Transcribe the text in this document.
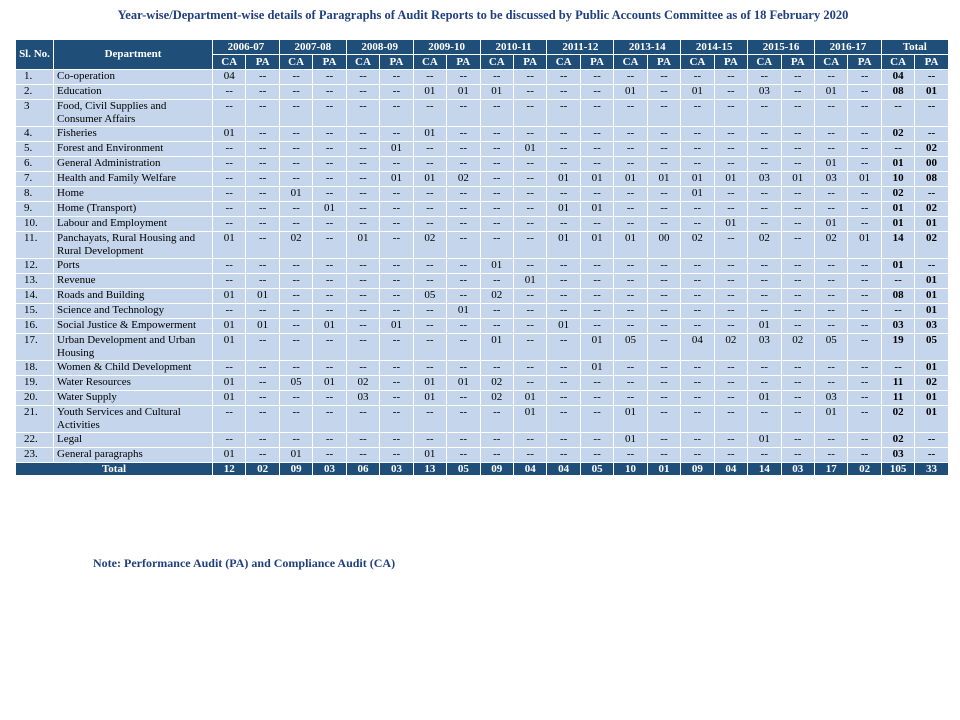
Year-wise/Department-wise details of Paragraphs of Audit Reports to be discussed by Public Accounts Committee as of 18 February 2020
Sl. No.	Department	2006-07		2007-08		2008-09		2009-10		2010-11		2011-12		2013-14		2014-15		2015-16		2016-17		Total	
		CA	PA	CA	PA	CA	PA	CA	PA	CA	PA	CA	PA	CA	PA	CA	PA	CA	PA	CA	PA	CA	PA
1.	Co-operation	04	--	--	--	--	--	--	--	--	--	--	--	--	--	--	--	--	--	--	--	04	--
2.	Education	--	--	--	--	--	--	01	01	01	--	--	--	01	--	01	--	03	--	01	--	08	01
3	Food, Civil Supplies and Consumer Affairs	--	--	--	--	--	--	--	--	--	--	--	--	--	--	--	--	--	--	--	--	--	--
4.	Fisheries	01	--	--	--	--	--	01	--	--	--	--	--	--	--	--	--	--	--	--	--	02	--
5.	Forest and Environment	--	--	--	--	--	01	--	--	--	01	--	--	--	--	--	--	--	--	--	--	--	02
6.	General Administration	--	--	--	--	--	--	--	--	--	--	--	--	--	--	--	--	--	--	01	--	01	00
7.	Health and Family Welfare	--	--	--	--	--	01	01	02	--	--	01	01	01	01	01	01	03	01	03	01	10	08
8.	Home	--	--	01	--	--	--	--	--	--	--	--	--	--	--	01	--	--	--	--	--	02	--
9.	Home (Transport)	--	--	--	01	--	--	--	--	--	--	01	01	--	--	--	--	--	--	--	--	01	02
10.	Labour and Employment	--	--	--	--	--	--	--	--	--	--	--	--	--	--	--	01	--	--	01	--	01	01
11.	Panchayats, Rural Housing and Rural Development	01	--	02	--	01	--	02	--	--	--	01	01	01	00	02	--	02	--	02	01	14	02
12.	Ports	--	--	--	--	--	--	--	--	01	--	--	--	--	--	--	--	--	--	--	--	01	--
13.	Revenue	--	--	--	--	--	--	--	--	--	01	--	--	--	--	--	--	--	--	--	--	--	01
14.	Roads and Building	01	01	--	--	--	--	05	--	02	--	--	--	--	--	--	--	--	--	--	--	08	01
15.	Science and Technology	--	--	--	--	--	--	--	01	--	--	--	--	--	--	--	--	--	--	--	--	--	01
16.	Social Justice & Empowerment	01	01	--	01	--	01	--	--	--	--	01	--	--	--	--	--	01	--	--	--	03	03
17.	Urban Development and Urban Housing	01	--	--	--	--	--	--	--	01	--	--	01	05	--	04	02	03	02	05	--	19	05
18.	Women & Child Development	--	--	--	--	--	--	--	--	--	--	--	01	--	--	--	--	--	--	--	--	--	01
19.	Water Resources	01	--	05	01	02	--	01	01	02	--	--	--	--	--	--	--	--	--	--	--	11	02
20.	Water Supply	01	--	--	--	03	--	01	--	02	01	--	--	--	--	--	--	01	--	03	--	11	01
21.	Youth Services and Cultural Activities	--	--	--	--	--	--	--	--	--	01	--	--	01	--	--	--	--	--	01	--	02	01
22.	Legal	--	--	--	--	--	--	--	--	--	--	--	--	01	--	--	--	01	--	--	--	02	--
23.	General paragraphs	01	--	01	--	--	--	01	--	--	--	--	--	--	--	--	--	--	--	--	--	03	--
Total		12	02	09	03	06	03	13	05	09	04	04	05	10	01	09	04	14	03	17	02	105	33
Note: Performance Audit (PA) and Compliance Audit (CA)
